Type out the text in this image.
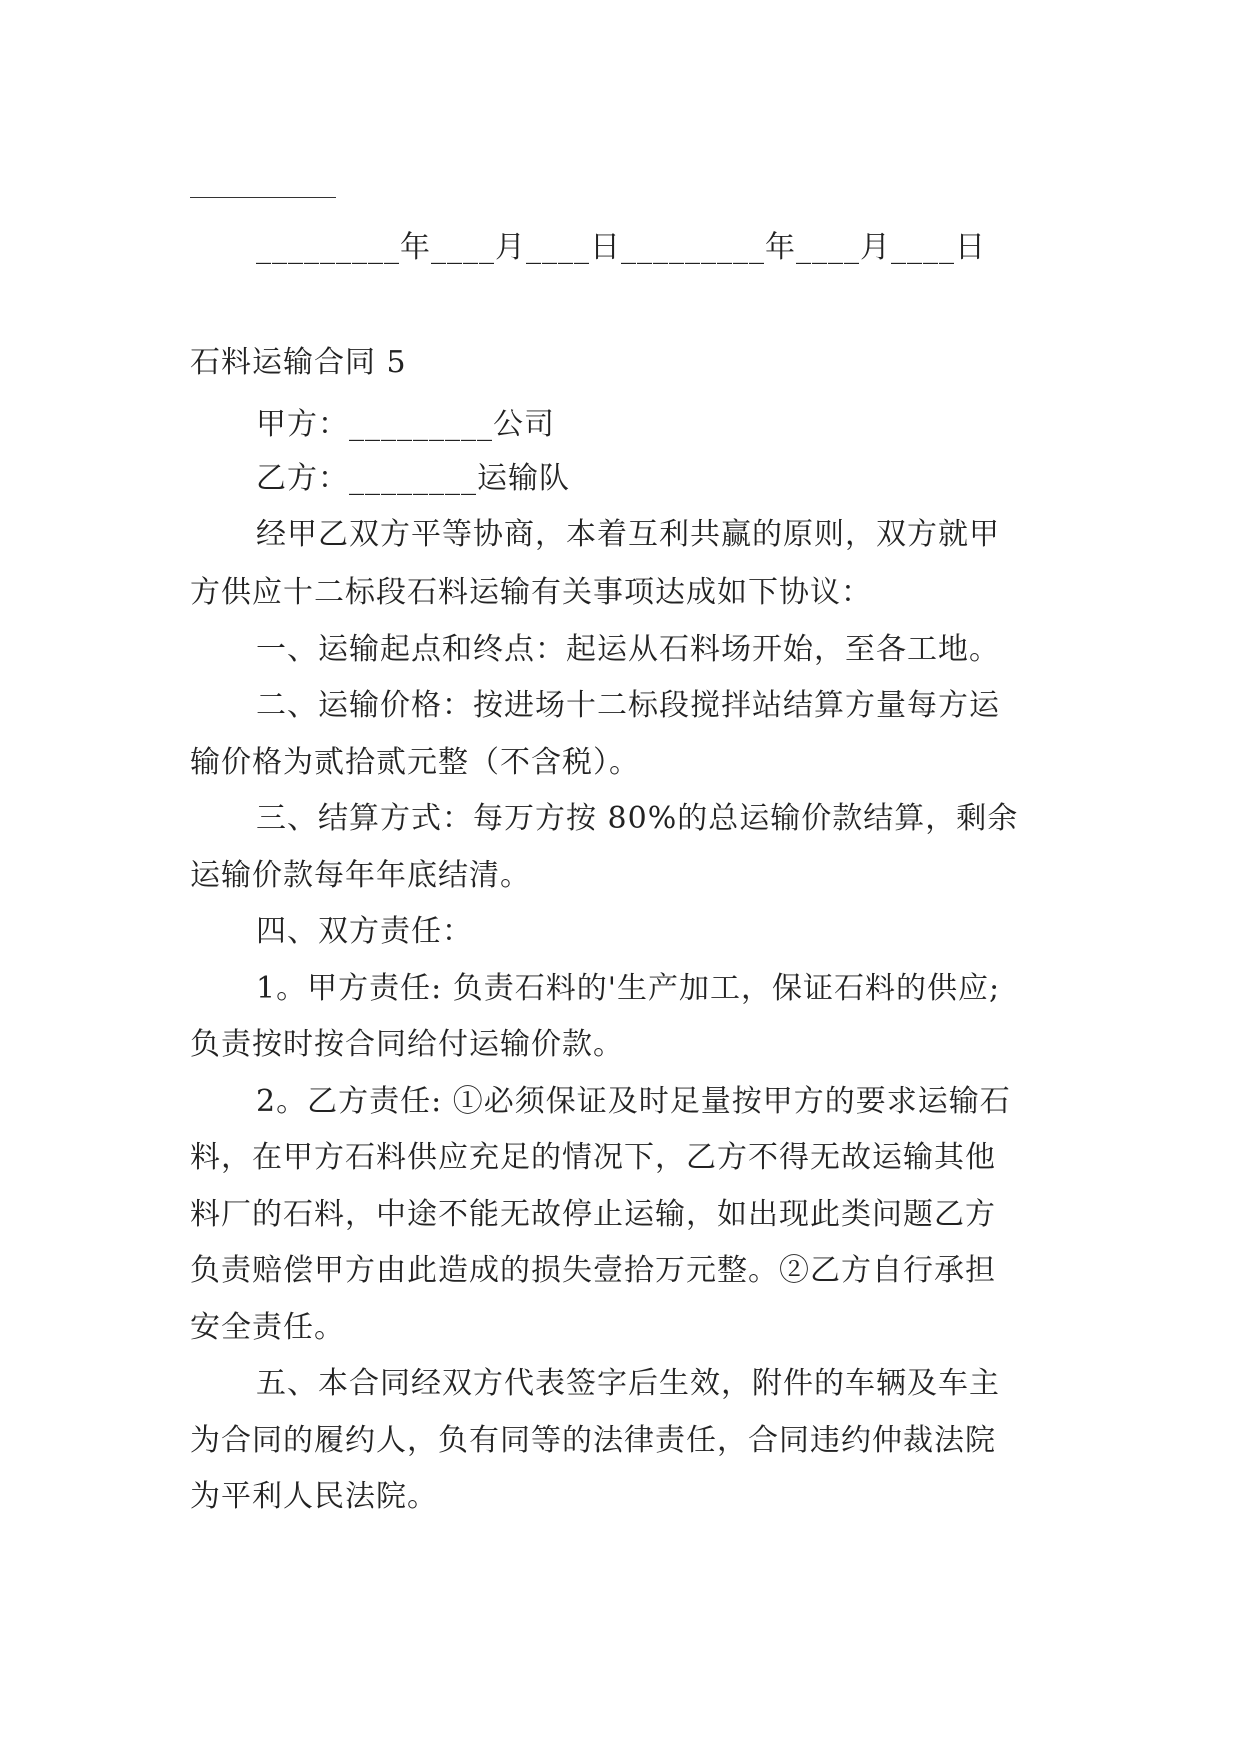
_________年____月____日_________年____月____日
石料运输合同 5
甲方：_________公司
乙方：________运输队
经甲乙双方平等协商，本着互利共赢的原则，双方就甲
方供应十二标段石料运输有关事项达成如下协议：
一、运输起点和终点：起运从石料场开始，至各工地。
二、运输价格：按进场十二标段搅拌站结算方量每方运
输价格为贰拾贰元整（不含税）。
三、结算方式：每万方按 80%的总运输价款结算，剩余
运输价款每年年底结清。
四、双方责任：
1。甲方责任: 负责石料的'生产加工，保证石料的供应;
负责按时按合同给付运输价款。
2。乙方责任: ①必须保证及时足量按甲方的要求运输石
料，在甲方石料供应充足的情况下，乙方不得无故运输其他
料厂的石料，中途不能无故停止运输，如出现此类问题乙方
负责赔偿甲方由此造成的损失壹拾万元整。②乙方自行承担
安全责任。
五、本合同经双方代表签字后生效，附件的车辆及车主
为合同的履约人，负有同等的法律责任，合同违约仲裁法院
为平利人民法院。
